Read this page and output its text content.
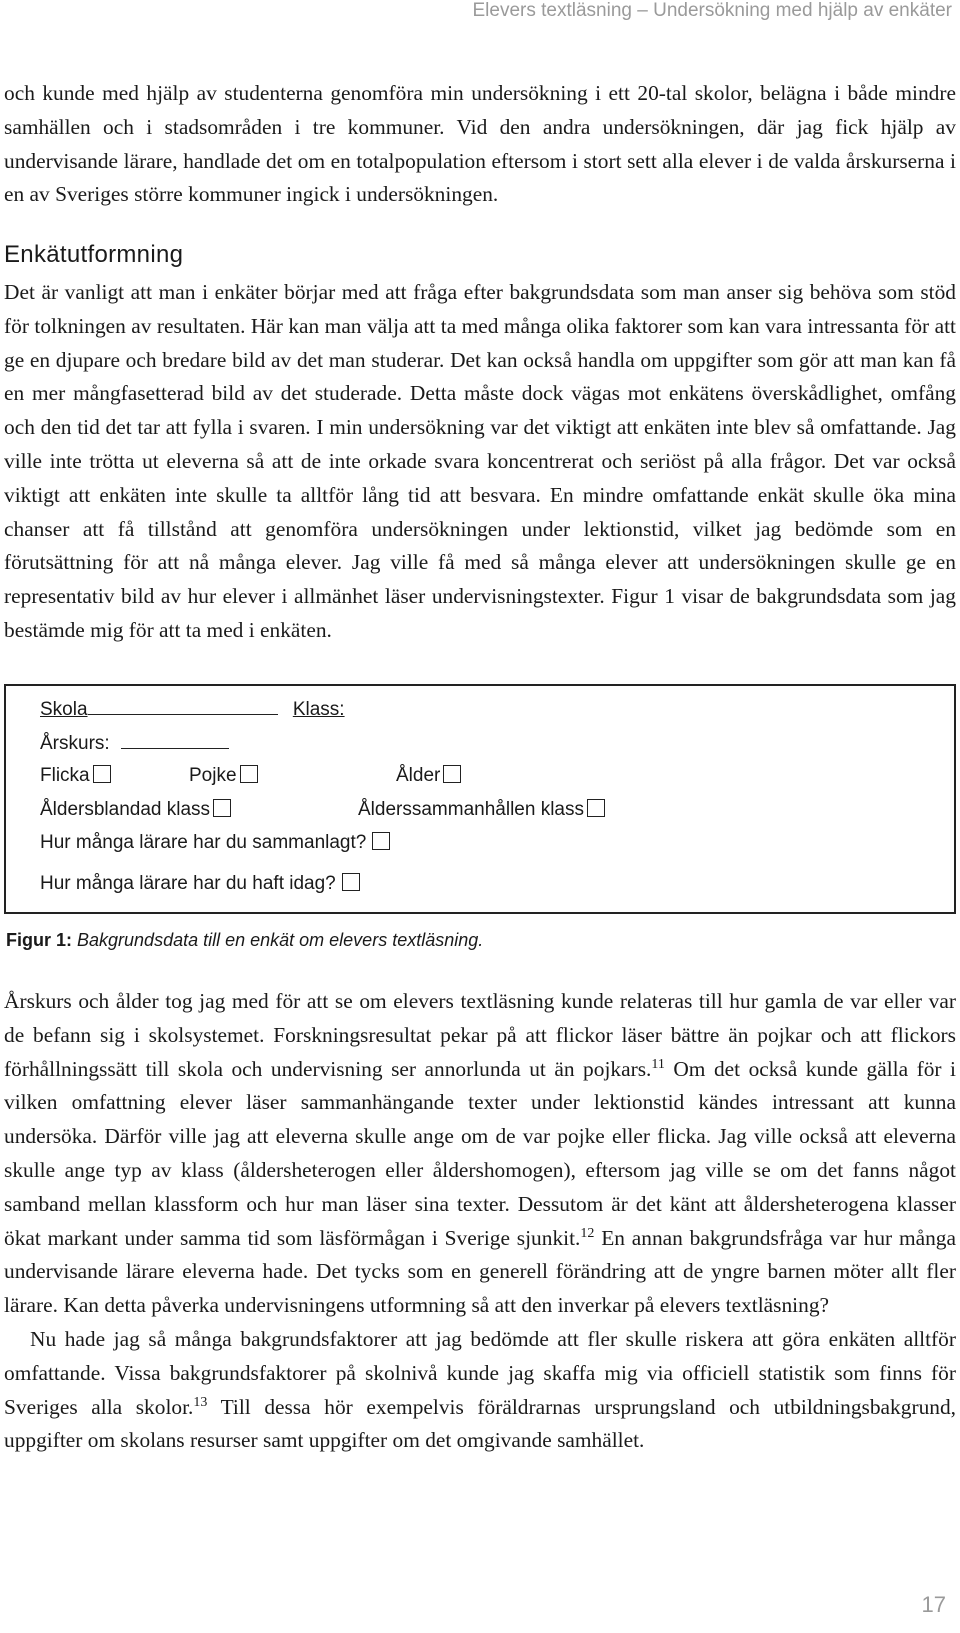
Elevers textläsning – Undersökning med hjälp av enkäter

och kunde med hjälp av studenterna genomföra min undersökning i ett 20-tal skolor, belägna i både mindre samhällen och i stadsområden i tre kommuner. Vid den andra undersökningen, där jag fick hjälp av undervisande lärare, handlade det om en totalpopulation eftersom i stort sett alla elever i de valda årskurserna i en av Sveriges större kommuner ingick i undersökningen.

Enkätutformning

Det är vanligt att man i enkäter börjar med att fråga efter bakgrundsdata som man anser sig behöva som stöd för tolkningen av resultaten. Här kan man välja att ta med många olika faktorer som kan vara intressanta för att ge en djupare och bredare bild av det man studerar. Det kan också handla om uppgifter som gör att man kan få en mer mångfasetterad bild av det studerade. Detta måste dock vägas mot enkätens överskådlighet, omfång och den tid det tar att fylla i svaren. I min undersökning var det viktigt att enkäten inte blev så omfattande. Jag ville inte trötta ut eleverna så att de inte orkade svara koncentrerat och seriöst på alla frågor. Det var också viktigt att enkäten inte skulle ta alltför lång tid att besvara. En mindre omfattande enkät skulle öka mina chanser att få tillstånd att genomföra undersökningen under lektionstid, vilket jag bedömde som en förutsättning för att nå många elever. Jag ville få med så många elever att undersökningen skulle ge en representativ bild av hur elever i allmänhet läser undervisningstexter. Figur 1 visar de bakgrundsdata som jag bestämde mig för att ta med i enkäten.

Skola	Klass:
Årskurs:
Flicka	Pojke	Ålder
Åldersblandad klass	Ålderssammanhållen klass
Hur många lärare har du sammanlagt?
Hur många lärare har du haft idag?
Figur 1: Bakgrundsdata till en enkät om elevers textläsning.

Årskurs och ålder tog jag med för att se om elevers textläsning kunde relateras till hur gamla de var eller var de befann sig i skolsystemet. Forskningsresultat pekar på att flickor läser bättre än pojkar och att flickors förhållningssätt till skola och undervisning ser annorlunda ut än pojkars.$^{11}$ Om det också kunde gälla för i vilken omfattning elever läser sammanhängande texter under lektionstid kändes intressant att kunna undersöka. Därför ville jag att eleverna skulle ange om de var pojke eller flicka. Jag ville också att eleverna skulle ange typ av klass (åldersheterogen eller åldershomogen), eftersom jag ville se om det fanns något samband mellan klassform och hur man läser sina texter. Dessutom är det känt att åldersheterogena klasser ökat markant under samma tid som läsförmågan i Sverige sjunkit.$^{12}$ En annan bakgrundsfråga var hur många undervisande lärare eleverna hade. Det tycks som en generell förändring att de yngre barnen möter allt fler lärare. Kan detta påverka undervisningens utformning så att den inverkar på elevers textläsning?

Nu hade jag så många bakgrundsfaktorer att jag bedömde att fler skulle riskera att göra enkäten alltför omfattande. Vissa bakgrundsfaktorer på skolnivå kunde jag skaffa mig via officiell statistik som finns för Sveriges alla skolor.$^{13}$ Till dessa hör exempelvis föräldrarnas ursprungsland och utbildningsbakgrund, uppgifter om skolans resurser samt uppgifter om det omgivande samhället.

17
